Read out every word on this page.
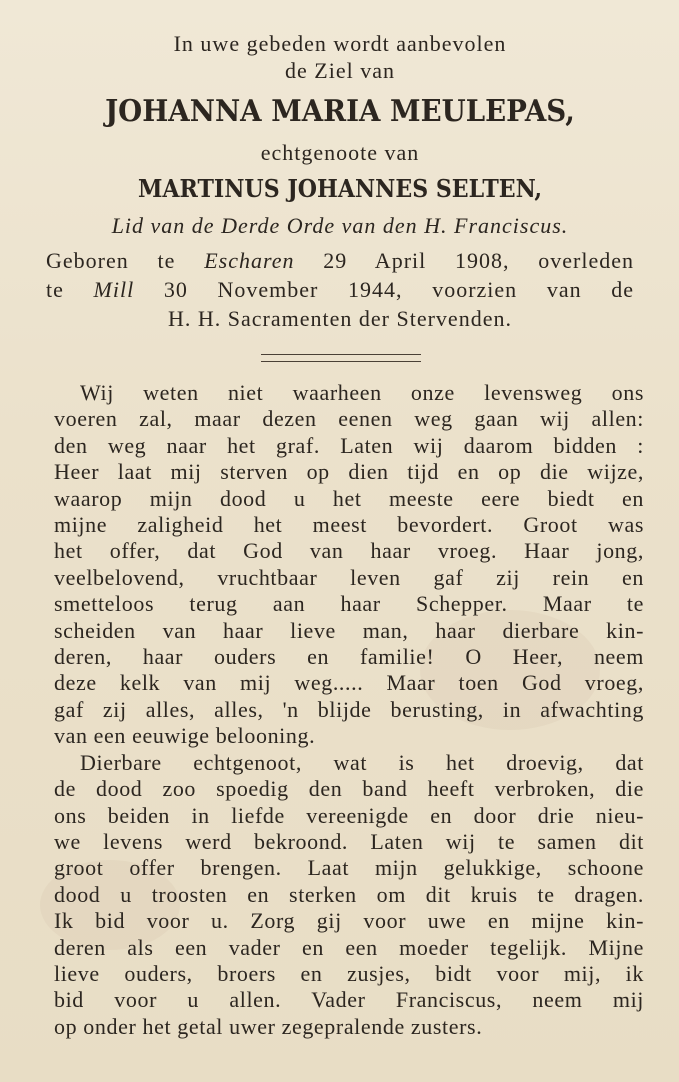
In uwe gebeden wordt aanbevolen

de Ziel van

JOHANNA MARIA MEULEPAS,

echtgenoote van

MARTINUS JOHANNES SELTEN,

Lid van de Derde Orde van den H. Franciscus.

Geboren te Escharen 29 April 1908, overleden

te Mill 30 November 1944, voorzien van de

H. H. Sacramenten der Stervenden.

Wij weten niet waarheen onze levensweg ons

voeren zal, maar dezen eenen weg gaan wij allen:

den weg naar het graf. Laten wij daarom bidden :

Heer laat mij sterven op dien tijd en op die wijze,

waarop mijn dood u het meeste eere biedt en

mijne zaligheid het meest bevordert. Groot was

het offer, dat God van haar vroeg. Haar jong,

veelbelovend, vruchtbaar leven gaf zij rein en

smetteloos terug aan haar Schepper. Maar te

scheiden van haar lieve man, haar dierbare kin-

deren, haar ouders en familie! O Heer, neem

deze kelk van mij weg..... Maar toen God vroeg,

gaf zij alles, alles, 'n blijde berusting, in afwachting

van een eeuwige belooning.

Dierbare echtgenoot, wat is het droevig, dat

de dood zoo spoedig den band heeft verbroken, die

ons beiden in liefde vereenigde en door drie nieu-

we levens werd bekroond. Laten wij te samen dit

groot offer brengen. Laat mijn gelukkige, schoone

dood u troosten en sterken om dit kruis te dragen.

Ik bid voor u. Zorg gij voor uwe en mijne kin-

deren als een vader en een moeder tegelijk. Mijne

lieve ouders, broers en zusjes, bidt voor mij, ik

bid voor u allen. Vader Franciscus, neem mij

op onder het getal uwer zegepralende zusters.
